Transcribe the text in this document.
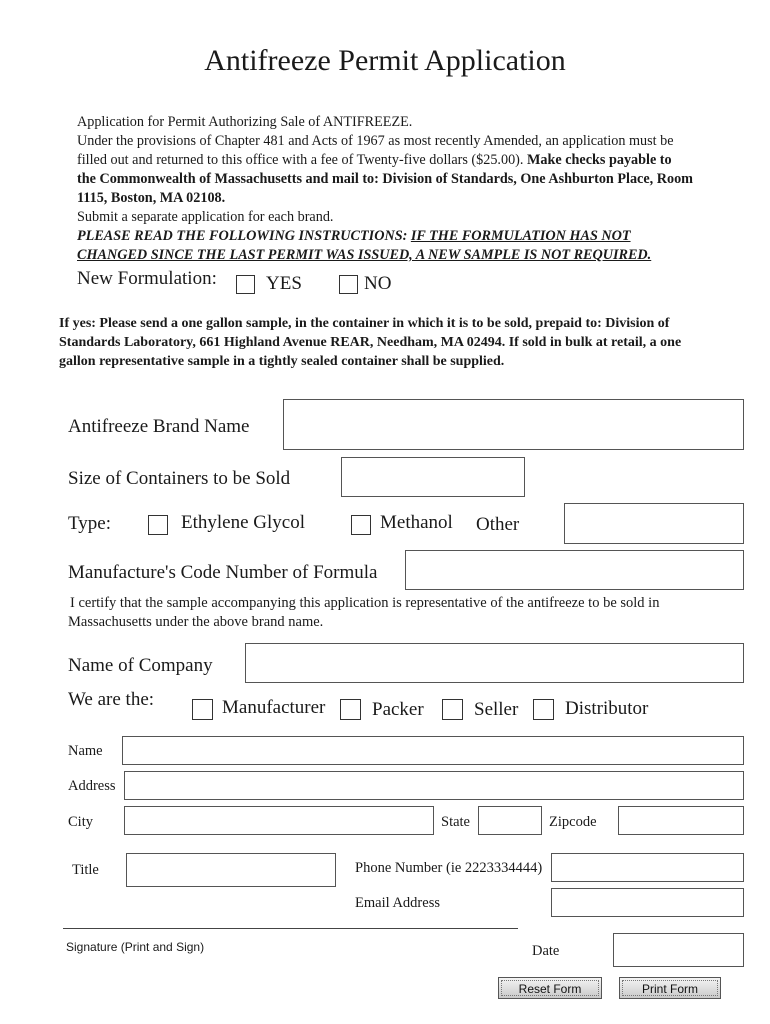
Antifreeze Permit Application
Application for Permit Authorizing Sale of ANTIFREEZE.
Under the provisions of Chapter 481 and Acts of 1967 as most recently Amended, an application must be
filled out and returned to this office with a fee of Twenty-five dollars ($25.00). Make checks payable to
the Commonwealth of Massachusetts and mail to: Division of Standards, One Ashburton Place, Room
1115, Boston, MA 02108.
Submit a separate application for each brand.
PLEASE READ THE FOLLOWING INSTRUCTIONS: IF THE FORMULATION HAS NOT
CHANGED SINCE THE LAST PERMIT WAS ISSUED, A NEW SAMPLE IS NOT REQUIRED.
New Formulation:	YES	NO
If yes: Please send a one gallon sample, in the container in which it is to be sold, prepaid to: Division of
Standards Laboratory, 661 Highland Avenue REAR, Needham, MA 02494. If sold in bulk at retail, a one
gallon representative sample in a tightly sealed container shall be supplied.
Antifreeze Brand Name
Size of Containers to be Sold
Type:	Ethylene Glycol	Methanol Other
Manufacture's Code Number of Formula
I certify that the sample accompanying this application is representative of the antifreeze to be sold in
Massachusetts under the above brand name.
Name of Company
We are the:	Manufacturer Packer	Seller Distributor
Name
Address
City	State	Zipcode
Title	Phone Number (ie 2223334444)
Email Address
Signature (Print and Sign)	Date
Reset Form	Print Form
